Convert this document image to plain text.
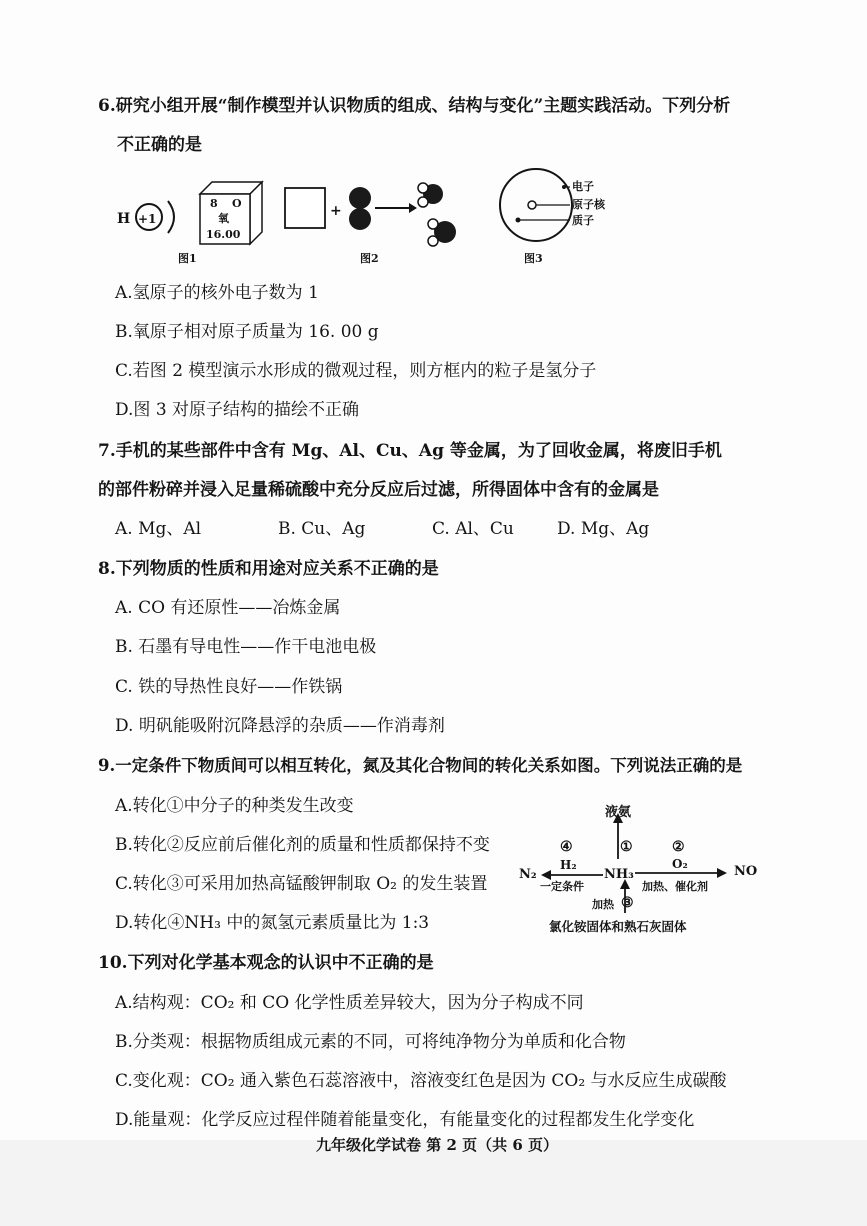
6.研究小组开展“制作模型并认识物质的组成、结构与变化”主题实践活动。下列分析
不正确的是
H +1
8 O
氧
16.00
图1
+
图2
电子
原子核
质子
图3
A.氢原子的核外电子数为 1
B.氧原子相对原子质量为 16. 00 g
C.若图 2 模型演示水形成的微观过程，则方框内的粒子是氢分子
D.图 3 对原子结构的描绘不正确
7.手机的某些部件中含有 Mg、Al、Cu、Ag 等金属，为了回收金属，将废旧手机
的部件粉碎并浸入足量稀硫酸中充分反应后过滤，所得固体中含有的金属是
A. Mg、Al	B. Cu、Ag	C. Al、Cu	D. Mg、Ag
8.下列物质的性质和用途对应关系不正确的是
A. CO 有还原性——冶炼金属
B. 石墨有导电性——作干电池电极
C. 铁的导热性良好——作铁锅
D. 明矾能吸附沉降悬浮的杂质——作消毒剂
9.一定条件下物质间可以相互转化，氮及其化合物间的转化关系如图。下列说法正确的是
A.转化①中分子的种类发生改变
B.转化②反应前后催化剂的质量和性质都保持不变
C.转化③可采用加热高锰酸钾制取 O₂ 的发生装置
D.转化④NH₃ 中的氮氢元素质量比为 1:3
液氨
①
④	②
H₂	O₂
N₂	NH₃	NO
一定条件	加热、催化剂
加热 ③
氯化铵固体和熟石灰固体
10.下列对化学基本观念的认识中不正确的是
A.结构观：CO₂ 和 CO 化学性质差异较大，因为分子构成不同
B.分类观：根据物质组成元素的不同，可将纯净物分为单质和化合物
C.变化观：CO₂ 通入紫色石蕊溶液中，溶液变红色是因为 CO₂ 与水反应生成碳酸
D.能量观：化学反应过程伴随着能量变化，有能量变化的过程都发生化学变化
九年级化学试卷 第 2 页（共 6 页）
